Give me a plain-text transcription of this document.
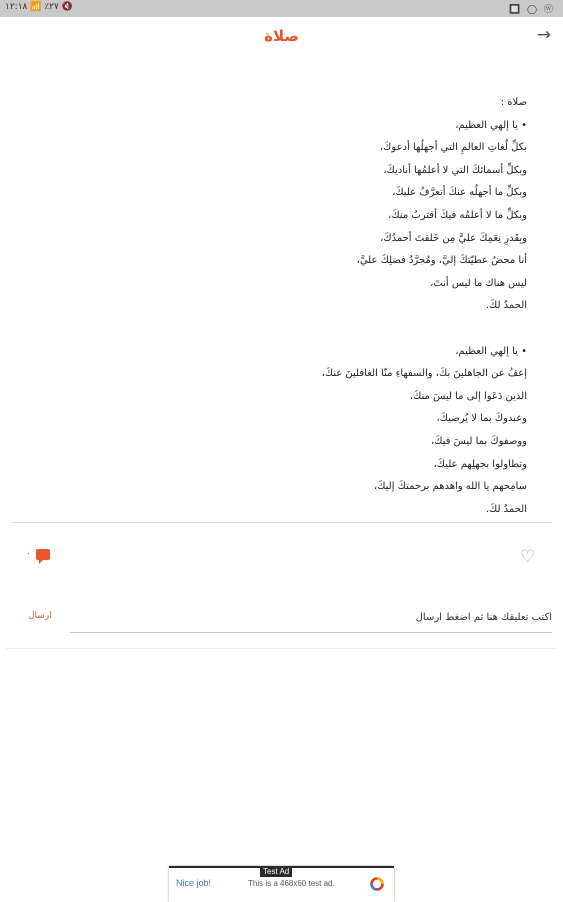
۱۲:۱۸ 📶 ٪۲۷ 🔇	🔲 ◯ ⓦ
صلاة	→
صلاة :
• يا إلهي العظيم،
بكلِّ لُغاتِ العالمِ التي أجهلُها أدعوكَ،
وبكلِّ أسمائكَ التي لا أعلمُها أناديكَ،
وبكلِّ ما أجهلُه عنكَ أتعرَّفُ عليكَ،
وبكلِّ ما لا أعلمُه فيكَ أقتربُ منكَ،
وبِقَدرِ نِعَمِكَ عليَّ مِن خَلقتَ أحمدُكَ،
أنا محضُ عطيّتكَ إليَّ، ومُجرَّدُ فضلِكَ عليَّ،
ليس هناك ما ليس أنتَ،
الحمدُ لكَ.
• يا إلهي العظيم،
إعفُ عن الجاهلينَ بكَ، والسفهاءِ منّا الغافلينَ عنكَ،
الذين دَعَوا إلى ما ليسَ منكَ،
وعبدوكَ بما لا يُرضيكَ،
ووصفوكَ بما ليسَ فيكَ،
وتطاولوا بجهلِهم عليكَ،
سامِحهم يا الله واهدهم برحمتكَ إليكَ،
الحمدُ لكَ.
♡
٠
اكتب تعليقك هنا ثم اضغط ارسال
ارسال
Nice job!	This is a 468x60 test ad.
Test Ad
